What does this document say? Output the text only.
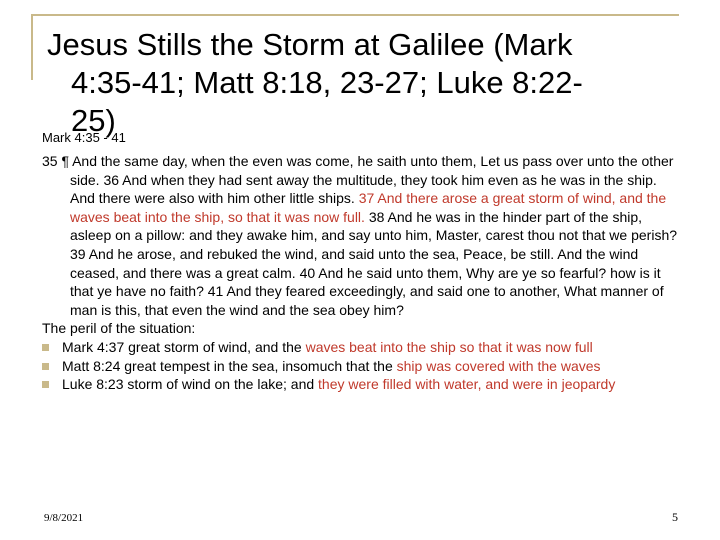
Jesus Stills the Storm at Galilee (Mark
4:35-41; Matt 8:18, 23-27; Luke 8:22-
25)
Mark 4:35 - 41

35 ¶ And the same day, when the even was come, he saith unto them, Let us pass over unto the other side. 36 And when they had sent away the multitude, they took him even as he was in the ship. And there were also with him other little ships. 37 And there arose a great storm of wind, and the waves beat into the ship, so that it was now full. 38 And he was in the hinder part of the ship, asleep on a pillow: and they awake him, and say unto him, Master, carest thou not that we perish? 39 And he arose, and rebuked the wind, and said unto the sea, Peace, be still. And the wind ceased, and there was a great calm. 40 And he said unto them, Why are ye so fearful? how is it that ye have no faith? 41 And they feared exceedingly, and said one to another, What manner of man is this, that even the wind and the sea obey him?

The peril of the situation:

Mark 4:37 great storm of wind, and the waves beat into the ship so that it was now full
Matt 8:24 great tempest in the sea, insomuch that the ship was covered with the waves
Luke 8:23 storm of wind on the lake; and they were filled with water, and were in jeopardy
9/8/2021	5
